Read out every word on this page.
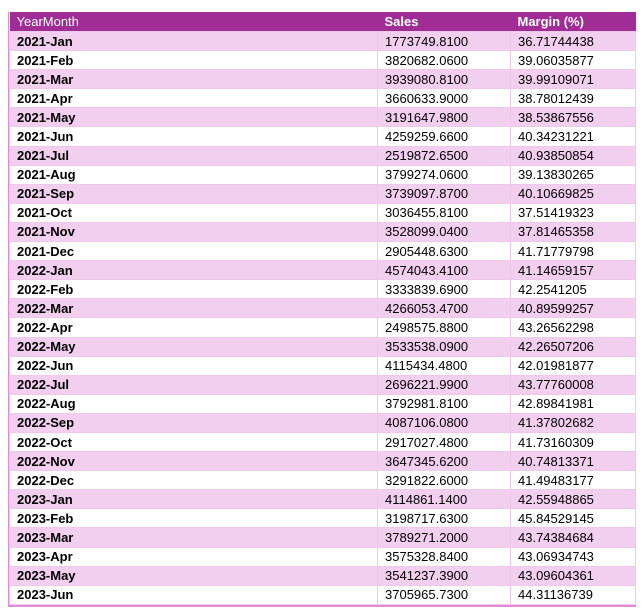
YearMonth	Sales	Margin (%)
2021-Jan	1773749.8100	36.71744438
2021-Feb	3820682.0600	39.06035877
2021-Mar	3939080.8100	39.99109071
2021-Apr	3660633.9000	38.78012439
2021-May	3191647.9800	38.53867556
2021-Jun	4259259.6600	40.34231221
2021-Jul	2519872.6500	40.93850854
2021-Aug	3799274.0600	39.13830265
2021-Sep	3739097.8700	40.10669825
2021-Oct	3036455.8100	37.51419323
2021-Nov	3528099.0400	37.81465358
2021-Dec	2905448.6300	41.71779798
2022-Jan	4574043.4100	41.14659157
2022-Feb	3333839.6900	42.2541205
2022-Mar	4266053.4700	40.89599257
2022-Apr	2498575.8800	43.26562298
2022-May	3533538.0900	42.26507206
2022-Jun	4115434.4800	42.01981877
2022-Jul	2696221.9900	43.77760008
2022-Aug	3792981.8100	42.89841981
2022-Sep	4087106.0800	41.37802682
2022-Oct	2917027.4800	41.73160309
2022-Nov	3647345.6200	40.74813371
2022-Dec	3291822.6000	41.49483177
2023-Jan	4114861.1400	42.55948865
2023-Feb	3198717.6300	45.84529145
2023-Mar	3789271.2000	43.74384684
2023-Apr	3575328.8400	43.06934743
2023-May	3541237.3900	43.09604361
2023-Jun	3705965.7300	44.31136739
